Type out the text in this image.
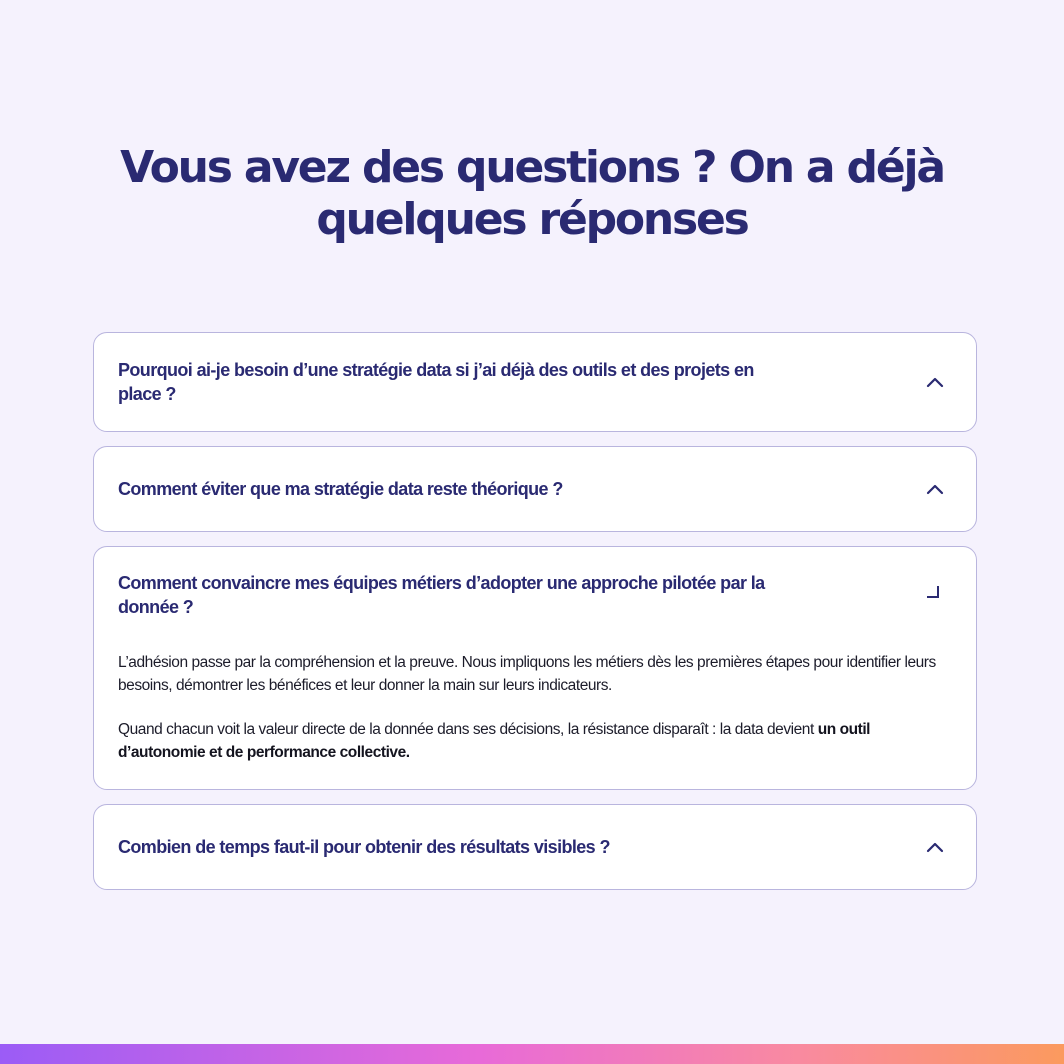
Vous avez des questions ? On a déjà quelques réponses
Pourquoi ai-je besoin d’une stratégie data si j’ai déjà des outils et des projets en place ?
Comment éviter que ma stratégie data reste théorique ?
Comment convaincre mes équipes métiers d’adopter une approche pilotée par la donnée ?

L’adhésion passe par la compréhension et la preuve. Nous impliquons les métiers dès les premières étapes pour identifier leurs besoins, démontrer les bénéfices et leur donner la main sur leurs indicateurs.

Quand chacun voit la valeur directe de la donnée dans ses décisions, la résistance disparaît : la data devient un outil d’autonomie et de performance collective.

Combien de temps faut-il pour obtenir des résultats visibles ?
